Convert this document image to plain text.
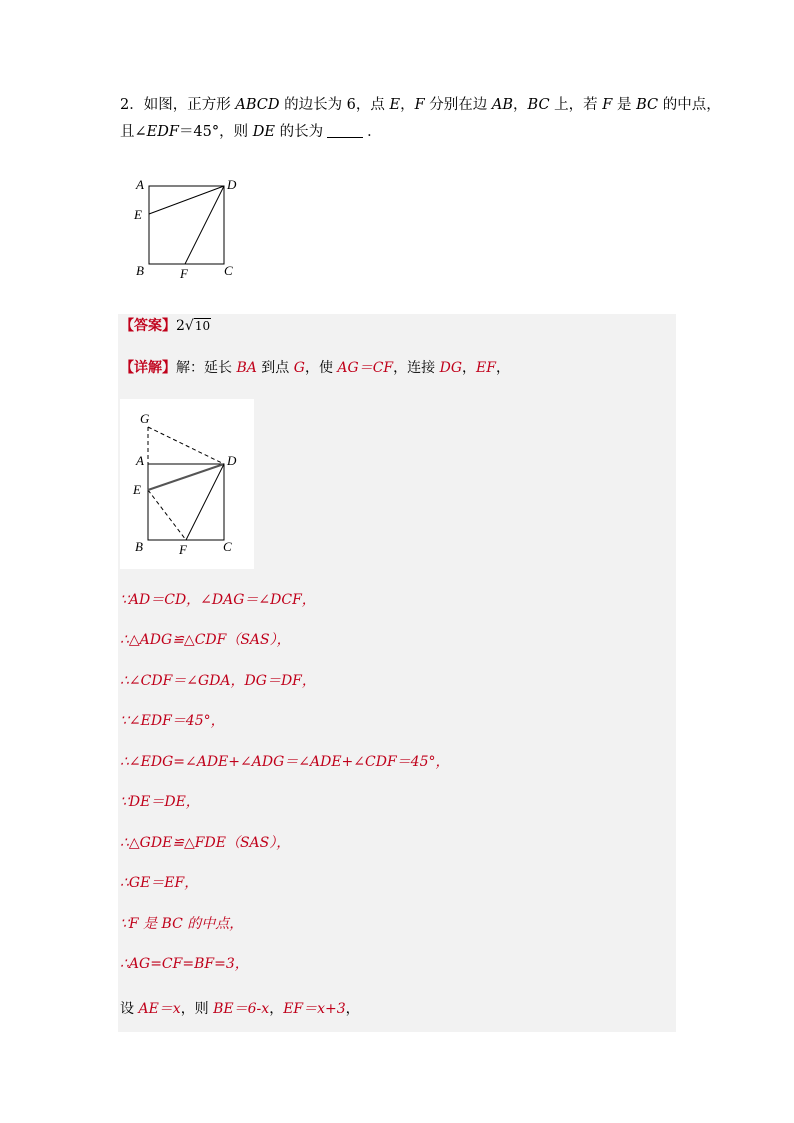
2．如图，正方形 ABCD 的边长为 6，点 E，F 分别在边 AB，BC 上，若 F 是 BC 的中点，
且∠EDF＝45°，则 DE 的长为	．
A	D
E
B	F	C
【答案】2√10
【详解】解：延长 BA 到点 G，使 AG＝CF，连接 DG，EF，
G
A	D
E
B	F	C
∵AD＝CD，∠DAG＝∠DCF，
∴△ADG≌△CDF（SAS），
∴∠CDF＝∠GDA，DG＝DF，
∵∠EDF＝45°，
∴∠EDG=∠ADE+∠ADG＝∠ADE+∠CDF＝45°，
∵DE＝DE，
∴△GDE≌△FDE（SAS），
∴GE＝EF，
∵F 是 BC 的中点，
∴AG=CF=BF=3，
设 AE＝x，则 BE＝6-x，EF＝x+3，
